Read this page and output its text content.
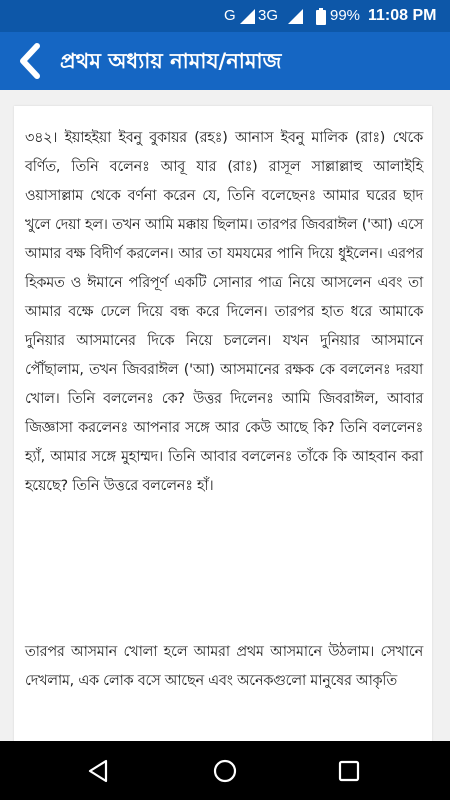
G 3G	99% 11:08 PM
প্রথম অধ্যায় নামায/নামাজ

৩৪২। ইয়াহইয়া ইবনু বুকায়র (রহঃ) আনাস ইবনু মালিক (রাঃ) থেকে বর্ণিত, তিনি বলেনঃ আবূ যার (রাঃ) রাসূল সাল্লাল্লাহু আলাইহি ওয়াসাল্লাম থেকে বর্ণনা করেন যে, তিনি বলেছেনঃ আমার ঘরের ছাদ খুলে দেয়া হল। তখন আমি মক্কায় ছিলাম। তারপর জিবরাঈল ('আ) এসে আমার বক্ষ বিদীর্ণ করলেন। আর তা যমযমের পানি দিয়ে ধুইলেন। এরপর হিকমত ও ঈমানে পরিপূর্ণ একটি সোনার পাত্র নিয়ে আসলেন এবং তা আমার বক্ষে ঢেলে দিয়ে বন্ধ করে দিলেন। তারপর হাত ধরে আমাকে দুনিয়ার আসমানের দিকে নিয়ে চললেন। যখন দুনিয়ার আসমানে পৌঁছালাম, তখন জিবরাঈল ('আ) আসমানের রক্ষক কে বললেনঃ দরযা খোল। তিনি বললেনঃ কে? উত্তর দিলেনঃ আমি জিবরাঈল, আবার জিজ্ঞাসা করলেনঃ আপনার সঙ্গে আর কেউ আছে কি? তিনি বললেনঃ হ্যাঁ, আমার সঙ্গে মুহাম্মদ। তিনি আবার বললেনঃ তাঁকে কি আহবান করা হয়েছে? তিনি উত্তরে বললেনঃ হাঁ।

তারপর আসমান খোলা হলে আমরা প্রথম আসমানে উঠলাম। সেখানে দেখলাম, এক লোক বসে আছেন এবং অনেকগুলো মানুষের আকৃতি
